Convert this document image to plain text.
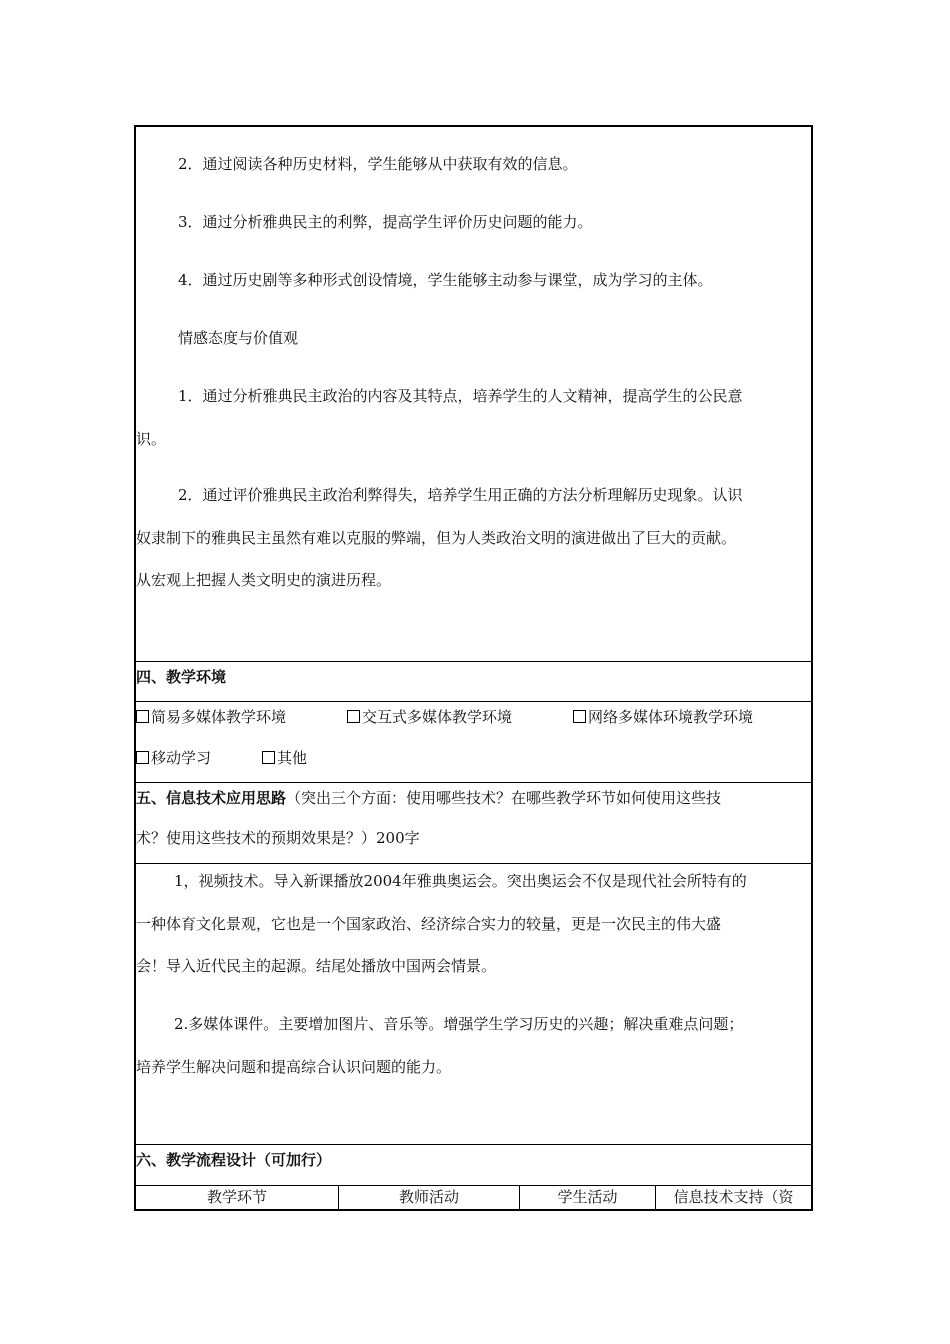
2．通过阅读各种历史材料，学生能够从中获取有效的信息。

3．通过分析雅典民主的利弊，提高学生评价历史问题的能力。

4．通过历史剧等多种形式创设情境，学生能够主动参与课堂，成为学习的主体。

情感态度与价值观

1．通过分析雅典民主政治的内容及其特点，培养学生的人文精神，提高学生的公民意

识。

2．通过评价雅典民主政治利弊得失，培养学生用正确的方法分析理解历史现象。认识

奴隶制下的雅典民主虽然有难以克服的弊端，但为人类政治文明的演进做出了巨大的贡献。

从宏观上把握人类文明史的演进历程。

四、教学环境

简易多媒体教学环境	交互式多媒体教学环境	网络多媒体环境教学环境
移动学习	其他

五、信息技术应用思路（突出三个方面：使用哪些技术？在哪些教学环节如何使用这些技

术？使用这些技术的预期效果是？）200字

1，视频技术。导入新课播放2004年雅典奥运会。突出奥运会不仅是现代社会所特有的

一种体育文化景观，它也是一个国家政治、经济综合实力的较量，更是一次民主的伟大盛

会！导入近代民主的起源。结尾处播放中国两会情景。

2.多媒体课件。主要增加图片、音乐等。增强学生学习历史的兴趣；解决重难点问题；

培养学生解决问题和提高综合认识问题的能力。

六、教学流程设计（可加行）

教学环节	教师活动	学生活动	信息技术支持（资
